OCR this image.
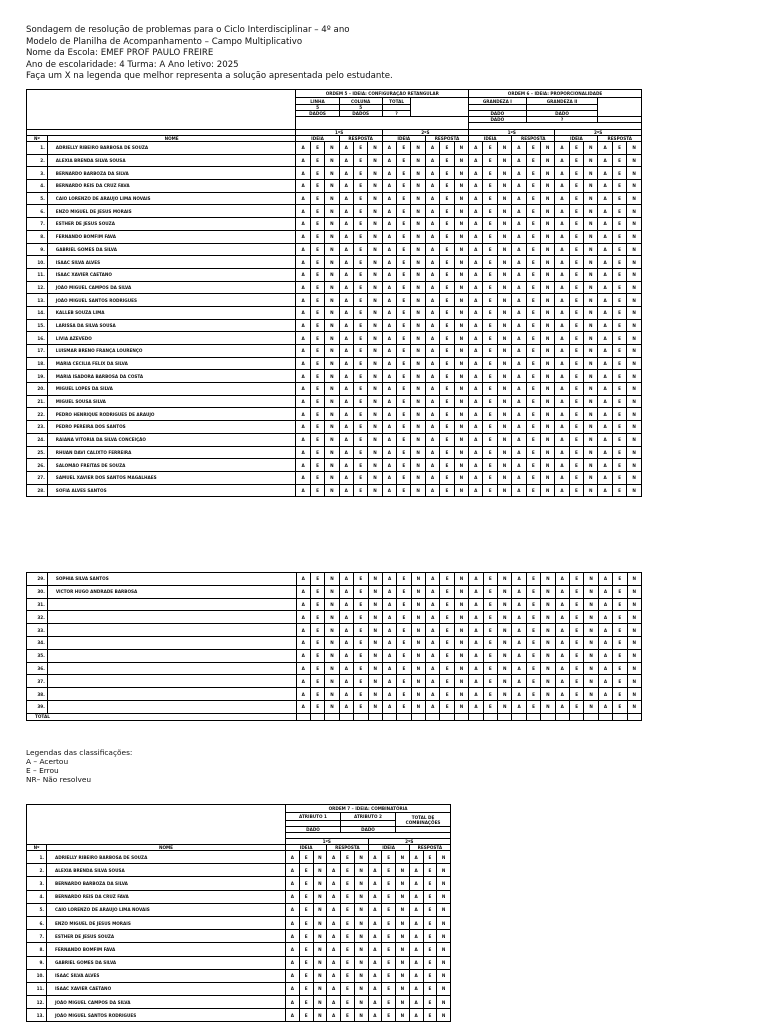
Sondagem de resolução de problemas para o Ciclo Interdisciplinar – 4º ano
Modelo de Planilha de Acompanhamento – Campo Multiplicativo
Nome da Escola: EMEF PROF PAULO FREIRE
Ano de escolaridade: 4 Turma: A Ano letivo: 2025
Faça um X na legenda que melhor representa a solução apresentada pelo estudante.
		ORDEM 5 – IDEIA: CONFIGURAÇÃO RETANGULAR												ORDEM 6 – IDEIA: PROPORCIONALIDADE											
		LINHA			COLUNA			TOTAL						GRANDEZA I				GRANDEZA II							
		5			5																				
		DADOS			DADOS			?						DADO				DADO							
														DADO				?							

		1ºS						2ºS						1ºS						2ºS					
Nº	NOME	IDEIA			RESPOSTA			IDEIA			RESPOSTA			IDEIA			RESPOSTA			IDEIA			RESPOSTA		
1.	ADRIELLY RIBEIRO BARBOSA DE SOUZA	A	E	N	A	E	N	A	E	N	A	E	N	A	E	N	A	E	N	A	E	N	A	E	N
2.	ALEXIA BRENDA SILVA SOUSA	A	E	N	A	E	N	A	E	N	A	E	N	A	E	N	A	E	N	A	E	N	A	E	N
3.	BERNARDO BARBOZA DA SILVA	A	E	N	A	E	N	A	E	N	A	E	N	A	E	N	A	E	N	A	E	N	A	E	N
4.	BERNARDO REIS DA CRUZ FAVA	A	E	N	A	E	N	A	E	N	A	E	N	A	E	N	A	E	N	A	E	N	A	E	N
5.	CAIO LORENZO DE ARAUJO LIMA NOVAIS	A	E	N	A	E	N	A	E	N	A	E	N	A	E	N	A	E	N	A	E	N	A	E	N
6.	ENZO MIGUEL DE JESUS MORAIS	A	E	N	A	E	N	A	E	N	A	E	N	A	E	N	A	E	N	A	E	N	A	E	N
7.	ESTHER DE JESUS SOUZA	A	E	N	A	E	N	A	E	N	A	E	N	A	E	N	A	E	N	A	E	N	A	E	N
8.	FERNANDO BOMFIM FAVA	A	E	N	A	E	N	A	E	N	A	E	N	A	E	N	A	E	N	A	E	N	A	E	N
9.	GABRIEL GOMES DA SILVA	A	E	N	A	E	N	A	E	N	A	E	N	A	E	N	A	E	N	A	E	N	A	E	N
10.	ISAAC SILVA ALVES	A	E	N	A	E	N	A	E	N	A	E	N	A	E	N	A	E	N	A	E	N	A	E	N
11.	ISAAC XAVIER CAETANO	A	E	N	A	E	N	A	E	N	A	E	N	A	E	N	A	E	N	A	E	N	A	E	N
12.	JOÃO MIGUEL CAMPOS DA SILVA	A	E	N	A	E	N	A	E	N	A	E	N	A	E	N	A	E	N	A	E	N	A	E	N
13.	JOÃO MIGUEL SANTOS RODRIGUES	A	E	N	A	E	N	A	E	N	A	E	N	A	E	N	A	E	N	A	E	N	A	E	N
14.	KALLEB SOUZA LIMA	A	E	N	A	E	N	A	E	N	A	E	N	A	E	N	A	E	N	A	E	N	A	E	N
15.	LARISSA DA SILVA SOUSA	A	E	N	A	E	N	A	E	N	A	E	N	A	E	N	A	E	N	A	E	N	A	E	N
16.	LIVIA AZEVEDO	A	E	N	A	E	N	A	E	N	A	E	N	A	E	N	A	E	N	A	E	N	A	E	N
17.	LUISMAR BRENO FRANÇA LOURENÇO	A	E	N	A	E	N	A	E	N	A	E	N	A	E	N	A	E	N	A	E	N	A	E	N
18.	MARIA CECILIA FELIX DA SILVA	A	E	N	A	E	N	A	E	N	A	E	N	A	E	N	A	E	N	A	E	N	A	E	N
19.	MARIA ISADORA BARBOSA DA COSTA	A	E	N	A	E	N	A	E	N	A	E	N	A	E	N	A	E	N	A	E	N	A	E	N
20.	MIGUEL LOPES DA SILVA	A	E	N	A	E	N	A	E	N	A	E	N	A	E	N	A	E	N	A	E	N	A	E	N
21.	MIGUEL SOUSA SILVA	A	E	N	A	E	N	A	E	N	A	E	N	A	E	N	A	E	N	A	E	N	A	E	N
22.	PEDRO HENRIQUE RODRIGUES DE ARAUJO	A	E	N	A	E	N	A	E	N	A	E	N	A	E	N	A	E	N	A	E	N	A	E	N
23.	PEDRO PEREIRA DOS SANTOS	A	E	N	A	E	N	A	E	N	A	E	N	A	E	N	A	E	N	A	E	N	A	E	N
24.	RAIANA VITORIA DA SILVA CONCEIÇÃO	A	E	N	A	E	N	A	E	N	A	E	N	A	E	N	A	E	N	A	E	N	A	E	N
25.	RHUAN DAVI CALIXTO FERREIRA	A	E	N	A	E	N	A	E	N	A	E	N	A	E	N	A	E	N	A	E	N	A	E	N
26.	SALOMÃO FREITAS DE SOUZA	A	E	N	A	E	N	A	E	N	A	E	N	A	E	N	A	E	N	A	E	N	A	E	N
27.	SAMUEL XAVIER DOS SANTOS MAGALHAES	A	E	N	A	E	N	A	E	N	A	E	N	A	E	N	A	E	N	A	E	N	A	E	N
28.	SOFIA ALVES SANTOS	A	E	N	A	E	N	A	E	N	A	E	N	A	E	N	A	E	N	A	E	N	A	E	N
29.	SOPHIA SILVA SANTOS	A	E	N	A	E	N	A	E	N	A	E	N	A	E	N	A	E	N	A	E	N	A	E	N
30.	VICTOR HUGO ANDRADE BARBOSA	A	E	N	A	E	N	A	E	N	A	E	N	A	E	N	A	E	N	A	E	N	A	E	N
31.		A	E	N	A	E	N	A	E	N	A	E	N	A	E	N	A	E	N	A	E	N	A	E	N
32.		A	E	N	A	E	N	A	E	N	A	E	N	A	E	N	A	E	N	A	E	N	A	E	N
33.		A	E	N	A	E	N	A	E	N	A	E	N	A	E	N	A	E	N	A	E	N	A	E	N
34.		A	E	N	A	E	N	A	E	N	A	E	N	A	E	N	A	E	N	A	E	N	A	E	N
35.		A	E	N	A	E	N	A	E	N	A	E	N	A	E	N	A	E	N	A	E	N	A	E	N
36.		A	E	N	A	E	N	A	E	N	A	E	N	A	E	N	A	E	N	A	E	N	A	E	N
37.		A	E	N	A	E	N	A	E	N	A	E	N	A	E	N	A	E	N	A	E	N	A	E	N
38.		A	E	N	A	E	N	A	E	N	A	E	N	A	E	N	A	E	N	A	E	N	A	E	N
39.		A	E	N	A	E	N	A	E	N	A	E	N	A	E	N	A	E	N	A	E	N	A	E	N
TOTAL																									
Legendas das classificações:
A – Acertou
E – Errou
NR– Não resolveu
		ORDEM 7 – IDEIA: COMBINATÓRIA											
		ATRIBUTO 1				ATRIBUTO 2				TOTAL DE COMBINAÇÕES			

		DADO				DADO							

		1ºS						2ºS					
Nº	NOME	IDEIA			RESPOSTA			IDEIA			RESPOSTA		
1.	ADRIELLY RIBEIRO BARBOSA DE SOUZA	A	E	N	A	E	N	A	E	N	A	E	N
2.	ALEXIA BRENDA SILVA SOUSA	A	E	N	A	E	N	A	E	N	A	E	N
3.	BERNARDO BARBOZA DA SILVA	A	E	N	A	E	N	A	E	N	A	E	N
4.	BERNARDO REIS DA CRUZ FAVA	A	E	N	A	E	N	A	E	N	A	E	N
5.	CAIO LORENZO DE ARAUJO LIMA NOVAIS	A	E	N	A	E	N	A	E	N	A	E	N
6.	ENZO MIGUEL DE JESUS MORAIS	A	E	N	A	E	N	A	E	N	A	E	N
7.	ESTHER DE JESUS SOUZA	A	E	N	A	E	N	A	E	N	A	E	N
8.	FERNANDO BOMFIM FAVA	A	E	N	A	E	N	A	E	N	A	E	N
9.	GABRIEL GOMES DA SILVA	A	E	N	A	E	N	A	E	N	A	E	N
10.	ISAAC SILVA ALVES	A	E	N	A	E	N	A	E	N	A	E	N
11.	ISAAC XAVIER CAETANO	A	E	N	A	E	N	A	E	N	A	E	N
12.	JOÃO MIGUEL CAMPOS DA SILVA	A	E	N	A	E	N	A	E	N	A	E	N
13.	JOÃO MIGUEL SANTOS RODRIGUES	A	E	N	A	E	N	A	E	N	A	E	N
